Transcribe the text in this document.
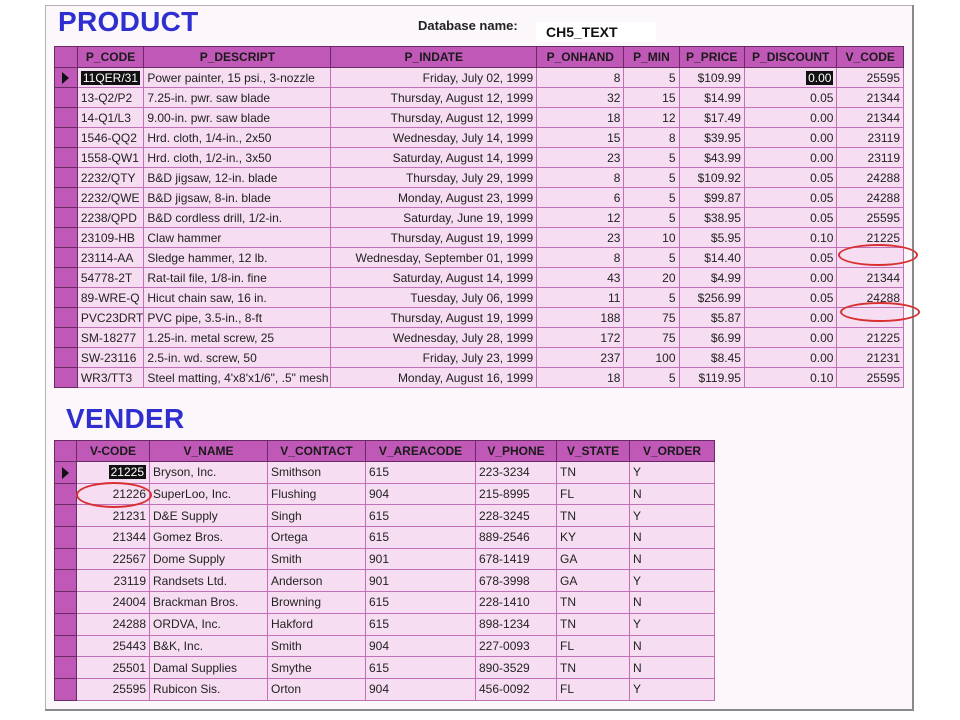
PRODUCT	Database name:	CH5_TEXT
	P_CODE	P_DESCRIPT	P_INDATE	P_ONHAND	P_MIN	P_PRICE	P_DISCOUNT	V_CODE
	11QER/31	Power painter, 15 psi., 3-nozzle	Friday, July 02, 1999	8	5	$109.99	0.00	25595
	13-Q2/P2	7.25-in. pwr. saw blade	Thursday, August 12, 1999	32	15	$14.99	0.05	21344
	14-Q1/L3	9.00-in. pwr. saw blade	Thursday, August 12, 1999	18	12	$17.49	0.00	21344
	1546-QQ2	Hrd. cloth, 1/4-in., 2x50	Wednesday, July 14, 1999	15	8	$39.95	0.00	23119
	1558-QW1	Hrd. cloth, 1/2-in., 3x50	Saturday, August 14, 1999	23	5	$43.99	0.00	23119
	2232/QTY	B&D jigsaw, 12-in. blade	Thursday, July 29, 1999	8	5	$109.92	0.05	24288
	2232/QWE	B&D jigsaw, 8-in. blade	Monday, August 23, 1999	6	5	$99.87	0.05	24288
	2238/QPD	B&D cordless drill, 1/2-in.	Saturday, June 19, 1999	12	5	$38.95	0.05	25595
	23109-HB	Claw hammer	Thursday, August 19, 1999	23	10	$5.95	0.10	21225
	23114-AA	Sledge hammer, 12 lb.	Wednesday, September 01, 1999	8	5	$14.40	0.05	
	54778-2T	Rat-tail file, 1/8-in. fine	Saturday, August 14, 1999	43	20	$4.99	0.00	21344
	89-WRE-Q	Hicut chain saw, 16 in.	Tuesday, July 06, 1999	11	5	$256.99	0.05	24288
	PVC23DRT	PVC pipe, 3.5-in., 8-ft	Thursday, August 19, 1999	188	75	$5.87	0.00	
	SM-18277	1.25-in. metal screw, 25	Wednesday, July 28, 1999	172	75	$6.99	0.00	21225
	SW-23116	2.5-in. wd. screw, 50	Friday, July 23, 1999	237	100	$8.45	0.00	21231
	WR3/TT3	Steel matting, 4'x8'x1/6", .5" mesh	Monday, August 16, 1999	18	5	$119.95	0.10	25595
VENDER
	V-CODE	V_NAME	V_CONTACT	V_AREACODE	V_PHONE	V_STATE	V_ORDER
	21225	Bryson, Inc.	Smithson	615	223-3234	TN	Y
	21226	SuperLoo, Inc.	Flushing	904	215-8995	FL	N
	21231	D&E Supply	Singh	615	228-3245	TN	Y
	21344	Gomez Bros.	Ortega	615	889-2546	KY	N
	22567	Dome Supply	Smith	901	678-1419	GA	N
	23119	Randsets Ltd.	Anderson	901	678-3998	GA	Y
	24004	Brackman Bros.	Browning	615	228-1410	TN	N
	24288	ORDVA, Inc.	Hakford	615	898-1234	TN	Y
	25443	B&K, Inc.	Smith	904	227-0093	FL	N
	25501	Damal Supplies	Smythe	615	890-3529	TN	N
	25595	Rubicon Sis.	Orton	904	456-0092	FL	Y
